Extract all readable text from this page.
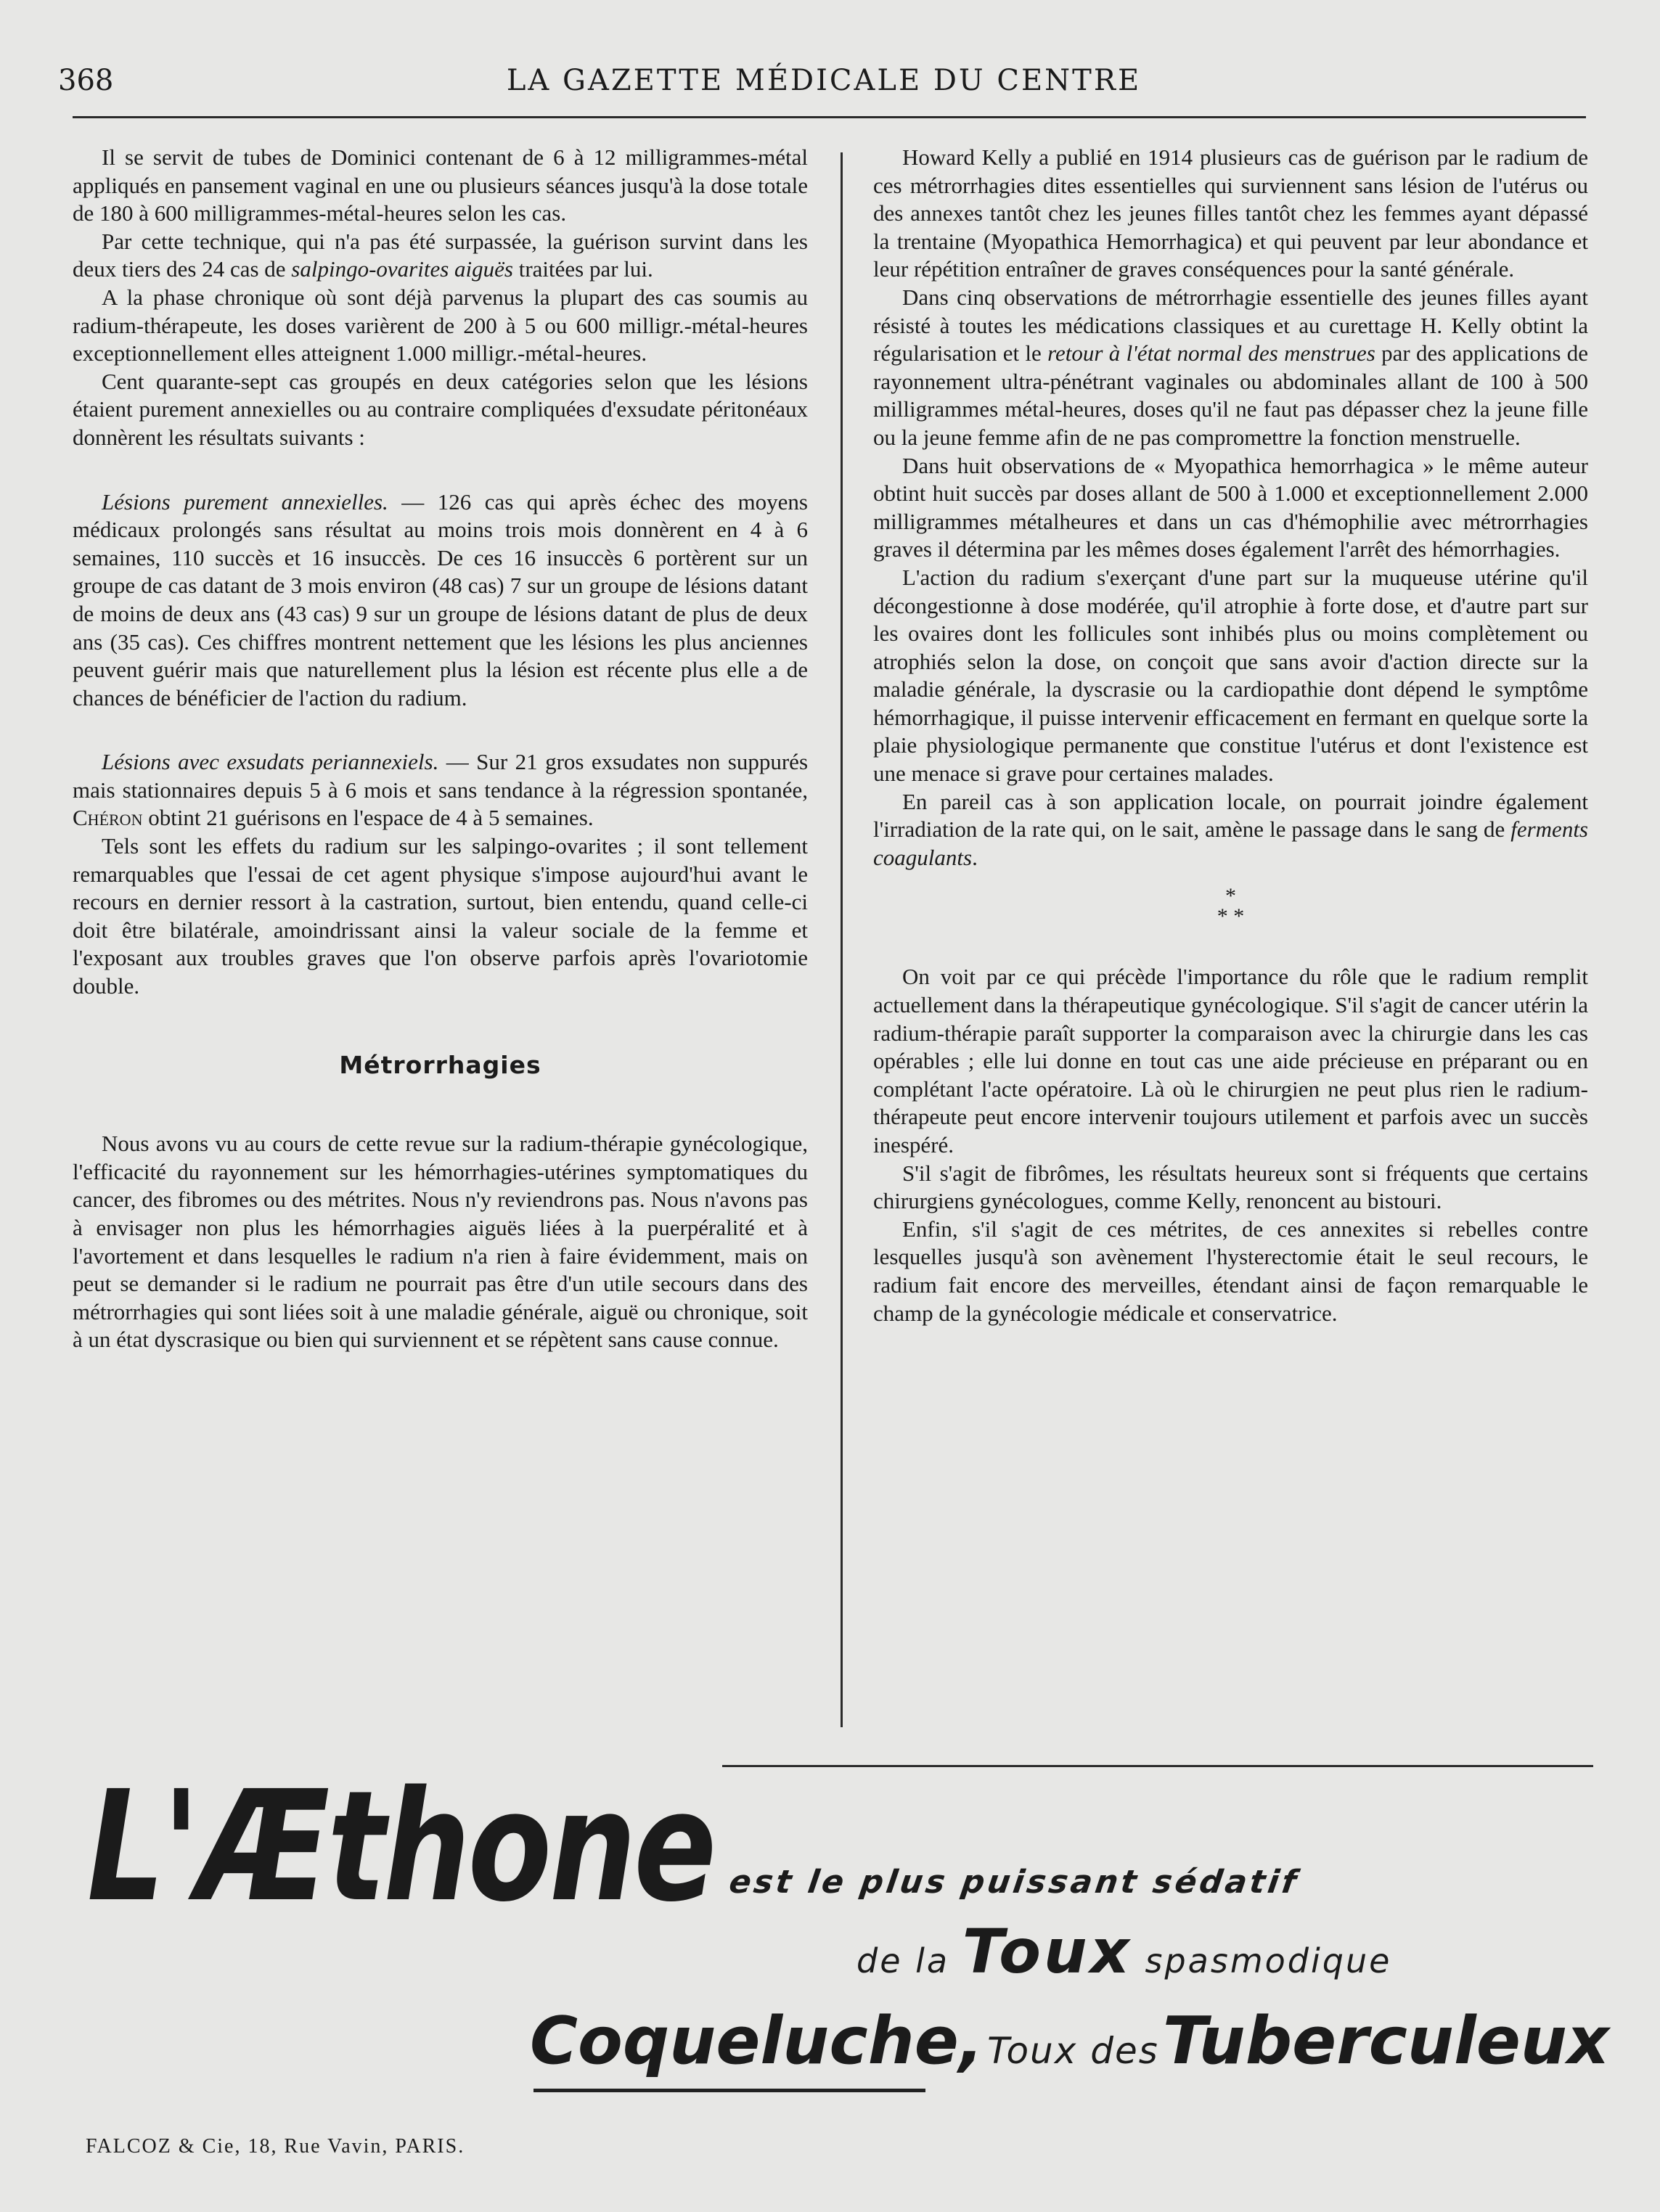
368	LA GAZETTE MÉDICALE DU CENTRE

Il se servit de tubes de Dominici contenant de 6 à 12 milligrammes-métal appliqués en pansement vaginal en une ou plusieurs séances jusqu'à la dose totale de 180 à 600 milligrammes-métal-heures selon les cas.

Par cette technique, qui n'a pas été surpassée, la guérison survint dans les deux tiers des 24 cas de salpingo-ovarites aiguës traitées par lui.

A la phase chronique où sont déjà parvenus la plupart des cas soumis au radium-thérapeute, les doses varièrent de 200 à 5 ou 600 milligr.-métal-heures exceptionnellement elles atteignent 1.000 milligr.-métal-heures.

Cent quarante-sept cas groupés en deux catégories selon que les lésions étaient purement annexielles ou au contraire compliquées d'exsudate péritonéaux donnèrent les résultats suivants :

Lésions purement annexielles. — 126 cas qui après échec des moyens médicaux prolongés sans résultat au moins trois mois donnèrent en 4 à 6 semaines, 110 succès et 16 insuccès. De ces 16 insuccès 6 portèrent sur un groupe de cas datant de 3 mois environ (48 cas) 7 sur un groupe de lésions datant de moins de deux ans (43 cas) 9 sur un groupe de lésions datant de plus de deux ans (35 cas). Ces chiffres montrent nettement que les lésions les plus anciennes peuvent guérir mais que naturellement plus la lésion est récente plus elle a de chances de bénéficier de l'action du radium.

Lésions avec exsudats periannexiels. — Sur 21 gros exsudates non suppurés mais stationnaires depuis 5 à 6 mois et sans tendance à la régression spontanée, Chéron obtint 21 guérisons en l'espace de 4 à 5 semaines.

Tels sont les effets du radium sur les salpingo-ovarites ; il sont tellement remarquables que l'essai de cet agent physique s'impose aujourd'hui avant le recours en dernier ressort à la castration, surtout, bien entendu, quand celle-ci doit être bilatérale, amoindrissant ainsi la valeur sociale de la femme et l'exposant aux troubles graves que l'on observe parfois après l'ovariotomie double.

Métrorrhagies

Nous avons vu au cours de cette revue sur la radium-thérapie gynécologique, l'efficacité du rayonnement sur les hémorrhagies-utérines symptomatiques du cancer, des fibromes ou des métrites. Nous n'y reviendrons pas. Nous n'avons pas à envisager non plus les hémorrhagies aiguës liées à la puerpéralité et à l'avortement et dans lesquelles le radium n'a rien à faire évidemment, mais on peut se demander si le radium ne pourrait pas être d'un utile secours dans des métrorrhagies qui sont liées soit à une maladie générale, aiguë ou chronique, soit à un état dyscrasique ou bien qui surviennent et se répètent sans cause connue.

Howard Kelly a publié en 1914 plusieurs cas de guérison par le radium de ces métrorrhagies dites essentielles qui surviennent sans lésion de l'utérus ou des annexes tantôt chez les jeunes filles tantôt chez les femmes ayant dépassé la trentaine (Myopathica Hemorrhagica) et qui peuvent par leur abondance et leur répétition entraîner de graves conséquences pour la santé générale.

Dans cinq observations de métrorrhagie essentielle des jeunes filles ayant résisté à toutes les médications classiques et au curettage H. Kelly obtint la régularisation et le retour à l'état normal des menstrues par des applications de rayonnement ultra-pénétrant vaginales ou abdominales allant de 100 à 500 milligrammes métal-heures, doses qu'il ne faut pas dépasser chez la jeune fille ou la jeune femme afin de ne pas compromettre la fonction menstruelle.

Dans huit observations de « Myopathica hemorrhagica » le même auteur obtint huit succès par doses allant de 500 à 1.000 et exceptionnellement 2.000 milligrammes métalheures et dans un cas d'hémophilie avec métrorrhagies graves il détermina par les mêmes doses également l'arrêt des hémorrhagies.

L'action du radium s'exerçant d'une part sur la muqueuse utérine qu'il décongestionne à dose modérée, qu'il atrophie à forte dose, et d'autre part sur les ovaires dont les follicules sont inhibés plus ou moins complètement ou atrophiés selon la dose, on conçoit que sans avoir d'action directe sur la maladie générale, la dyscrasie ou la cardiopathie dont dépend le symptôme hémorrhagique, il puisse intervenir efficacement en fermant en quelque sorte la plaie physiologique permanente que constitue l'utérus et dont l'existence est une menace si grave pour certaines malades.

En pareil cas à son application locale, on pourrait joindre également l'irradiation de la rate qui, on le sait, amène le passage dans le sang de ferments coagulants.

*
* *

On voit par ce qui précède l'importance du rôle que le radium remplit actuellement dans la thérapeutique gynécologique. S'il s'agit de cancer utérin la radium-thérapie paraît supporter la comparaison avec la chirurgie dans les cas opérables ; elle lui donne en tout cas une aide précieuse en préparant ou en complétant l'acte opératoire. Là où le chirurgien ne peut plus rien le radium-thérapeute peut encore intervenir toujours utilement et parfois avec un succès inespéré.

S'il s'agit de fibrômes, les résultats heureux sont si fréquents que certains chirurgiens gynécologues, comme Kelly, renoncent au bistouri.

Enfin, s'il s'agit de ces métrites, de ces annexites si rebelles contre lesquelles jusqu'à son avènement l'hysterectomie était le seul recours, le radium fait encore des merveilles, étendant ainsi de façon remarquable le champ de la gynécologie médicale et conservatrice.

L'Æthone est le plus puissant sédatif
de la Toux spasmodique
Coqueluche, Toux des Tuberculeux
FALCOZ & Cie, 18, Rue Vavin, PARIS.
